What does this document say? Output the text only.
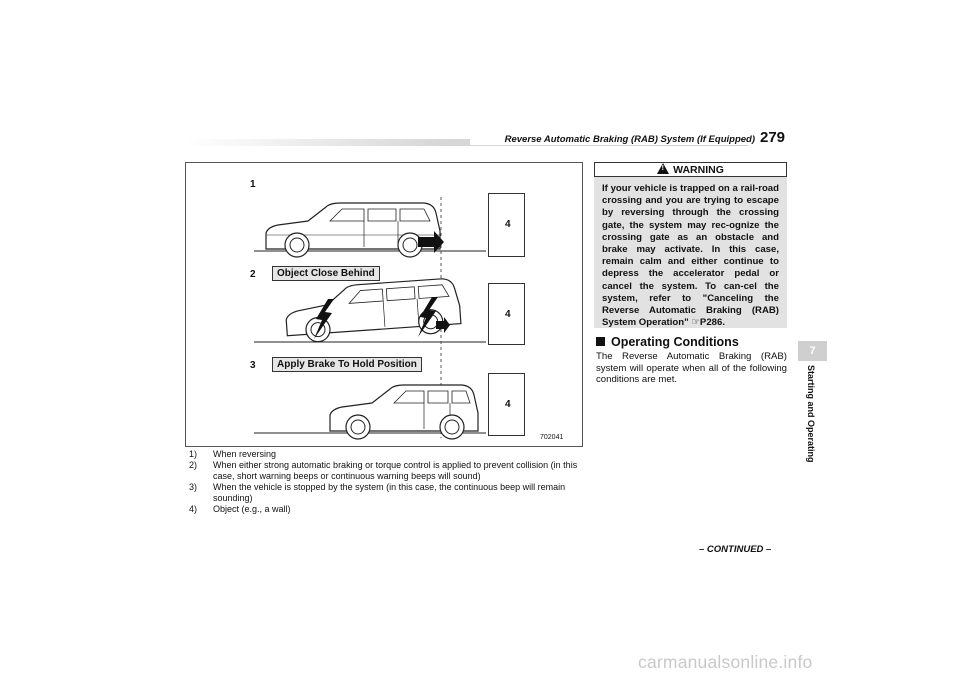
Reverse Automatic Braking (RAB) System (If Equipped) 279
1
2
3
Object Close Behind
Apply Brake To Hold Position
4
4
4
702041
1) When reversing
2) When either strong automatic braking or torque control is applied to prevent collision (in this case, short warning beeps or continuous warning beeps will sound)
3) When the vehicle is stopped by the system (in this case, the continuous beep will remain sounding)
4) Object (e.g., a wall)
! WARNING
If your vehicle is trapped on a rail-road crossing and you are trying to escape by reversing through the crossing gate, the system may rec-ognize the crossing gate as an obstacle and brake may activate. In this case, remain calm and either continue to depress the accelerator pedal or cancel the system. To can-cel the system, refer to "Canceling the Reverse Automatic Braking (RAB) System Operation" ☞P286.
Operating Conditions
The Reverse Automatic Braking (RAB) system will operate when all of the following conditions are met.
7
Starting and Operating
– CONTINUED –
carmanualsonline.info
